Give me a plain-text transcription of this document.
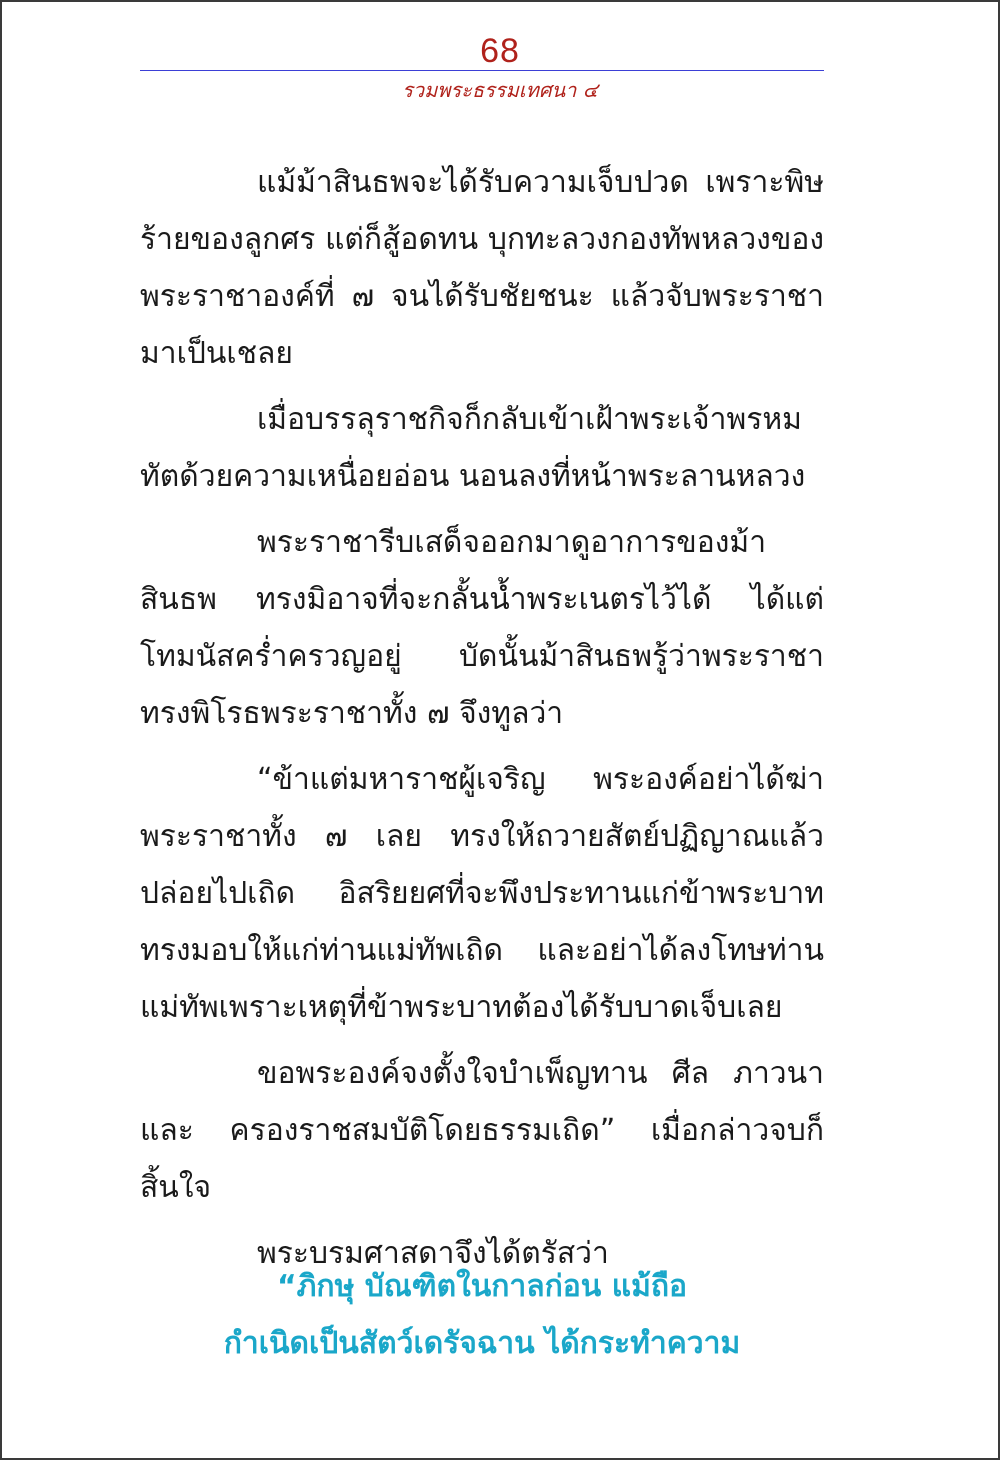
68
รวมพระธรรมเทศนา ๔

แม้ม้าสินธพจะได้รับความเจ็บปวด เพราะพิษร้ายของลูกศร แต่ก็สู้อดทน บุกทะลวงกองทัพหลวงของพระราชาองค์ที่ ๗ จนได้รับชัยชนะ แล้วจับพระราชามาเป็นเชลย

เมื่อบรรลุราชกิจก็กลับเข้าเฝ้าพระเจ้าพรหมทัตด้วยความเหนื่อยอ่อน นอนลงที่หน้าพระลานหลวง

พระราชารีบเสด็จออกมาดูอาการของม้าสินธพ ทรงมิอาจที่จะกลั้นน้ำพระเนตรไว้ได้ ได้แต่โทมนัสคร่ำครวญอยู่ บัดนั้นม้าสินธพรู้ว่าพระราชาทรงพิโรธพระราชาทั้ง ๗ จึงทูลว่า

“ข้าแต่มหาราชผู้เจริญ พระองค์อย่าได้ฆ่าพระราชาทั้ง ๗ เลย ทรงให้ถวายสัตย์ปฏิญาณแล้วปล่อยไปเถิด อิสริยยศที่จะพึงประทานแก่ข้าพระบาท ทรงมอบให้แก่ท่านแม่ทัพเถิด และอย่าได้ลงโทษท่านแม่ทัพเพราะเหตุที่ข้าพระบาทต้องได้รับบาดเจ็บเลย

ขอพระองค์จงตั้งใจบำเพ็ญทาน ศีล ภาวนา และ ครองราชสมบัติโดยธรรมเถิด” เมื่อกล่าวจบก็สิ้นใจ

พระบรมศาสดาจึงได้ตรัสว่า

“ภิกษุ บัณฑิตในกาลก่อน แม้ถือ
กำเนิดเป็นสัตว์เดรัจฉาน ได้กระทำความ
